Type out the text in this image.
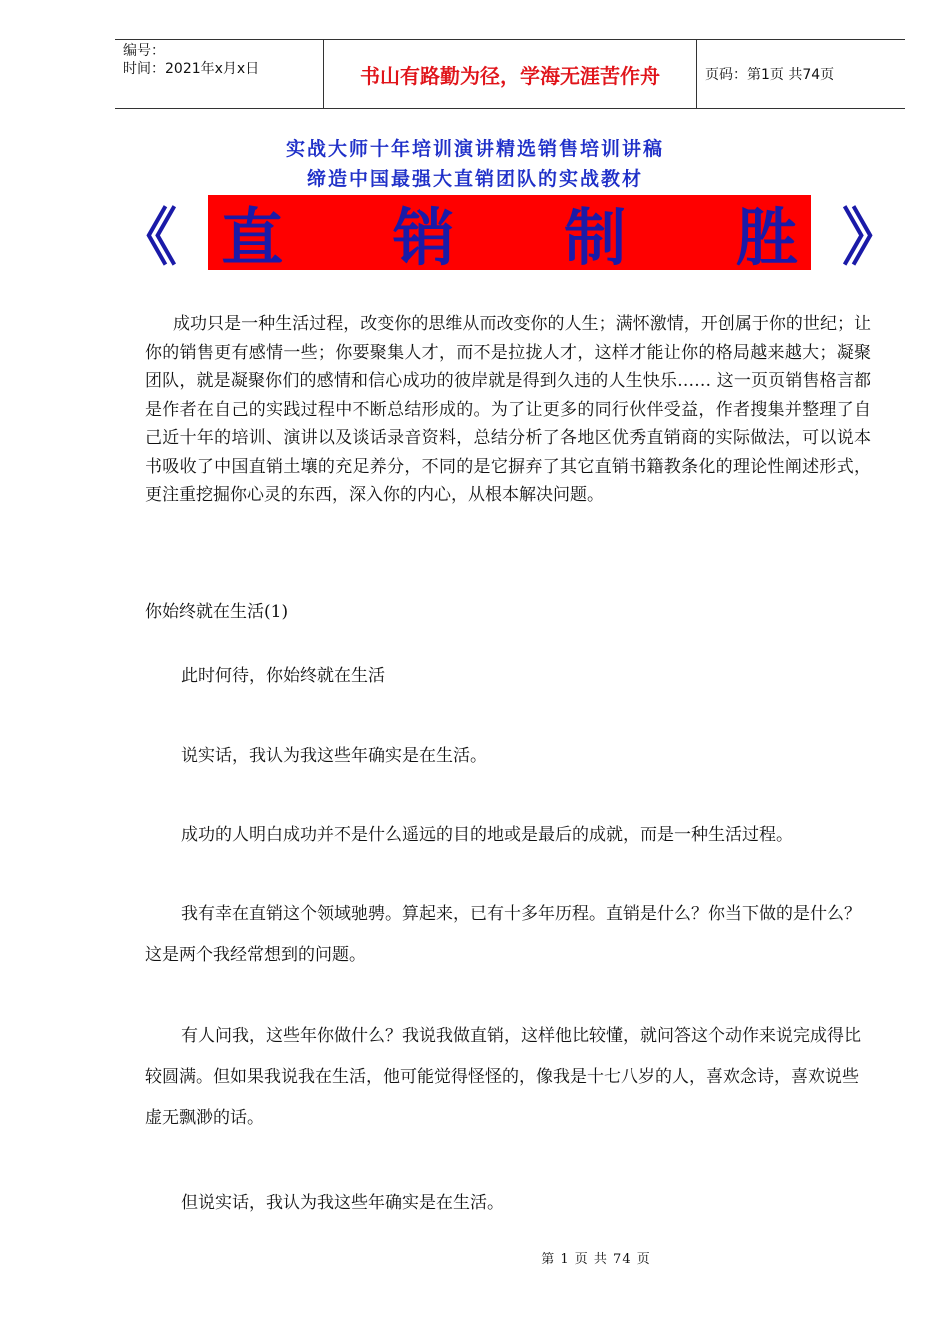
编号：
时间：2021年x月x日	书山有路勤为径，学海无涯苦作舟	页码：第1页 共74页
实战大师十年培训演讲精选销售培训讲稿
缔造中国最强大直销团队的实战教材
《直 销 制 胜》
成功只是一种生活过程，改变你的思维从而改变你的人生；满怀激情，开创属于你的世纪；让你的销售更有感情一些；你要聚集人才，而不是拉拢人才，这样才能让你的格局越来越大；凝聚团队，就是凝聚你们的感情和信心成功的彼岸就是得到久违的人生快乐…… 这一页页销售格言都是作者在自己的实践过程中不断总结形成的。为了让更多的同行伙伴受益，作者搜集并整理了自己近十年的培训、演讲以及谈话录音资料，总结分析了各地区优秀直销商的实际做法，可以说本书吸收了中国直销土壤的充足养分，不同的是它摒弃了其它直销书籍教条化的理论性阐述形式，更注重挖掘你心灵的东西，深入你的内心，从根本解决问题。
你始终就在生活(1)
此时何待，你始终就在生活
说实话，我认为我这些年确实是在生活。
成功的人明白成功并不是什么遥远的目的地或是最后的成就，而是一种生活过程。
我有幸在直销这个领域驰骋。算起来，已有十多年历程。直销是什么？你当下做的是什么？这是两个我经常想到的问题。
有人问我，这些年你做什么？我说我做直销，这样他比较懂，就问答这个动作来说完成得比较圆满。但如果我说我在生活，他可能觉得怪怪的，像我是十七八岁的人，喜欢念诗，喜欢说些虚无飘渺的话。
但说实话，我认为我这些年确实是在生活。
第 1 页 共 74 页
